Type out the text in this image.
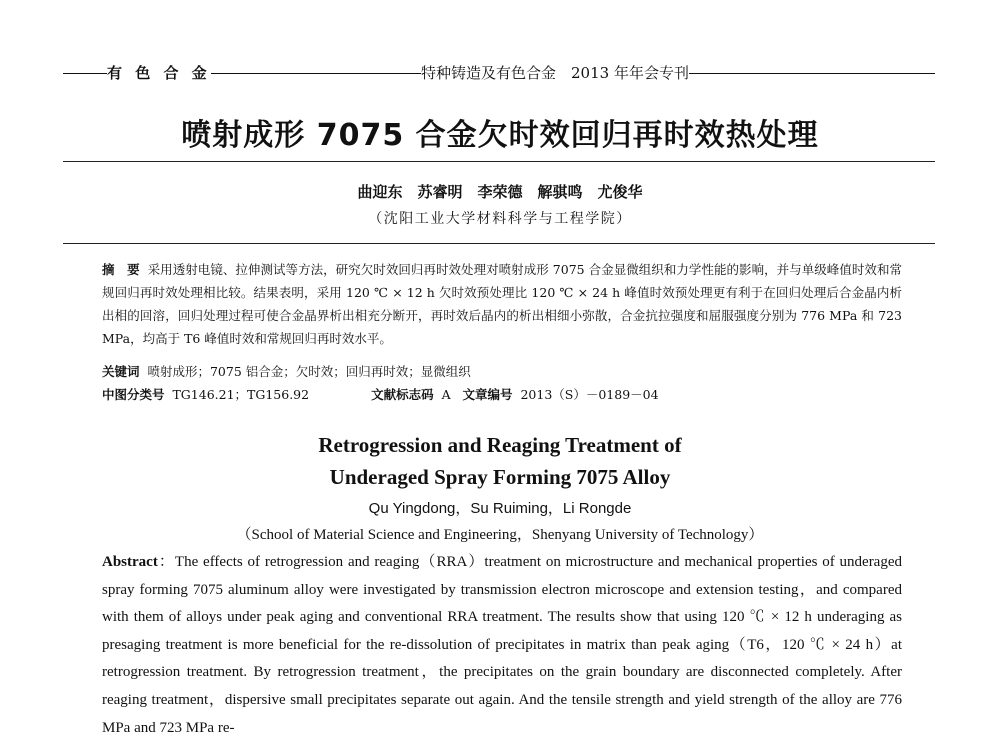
有 色 合 金	特种铸造及有色合金　2013 年年会专刊
喷射成形 7075 合金欠时效回归再时效热处理
曲迎东　苏睿明　李荣德　解骐鸣　尤俊华
（沈阳工业大学材料科学与工程学院）
摘　要 采用透射电镜、拉伸测试等方法，研究欠时效回归再时效处理对喷射成形 7075 合金显微组织和力学性能的影响，并与单级峰值时效和常规回归再时效处理相比较。结果表明，采用 120 ℃ × 12 h 欠时效预处理比 120 ℃ × 24 h 峰值时效预处理更有利于在回归处理后合金晶内析出相的回溶，回归处理过程可使合金晶界析出相充分断开，再时效后晶内的析出相细小弥散，合金抗拉强度和屈服强度分别为 776 MPa 和 723 MPa，均高于 T6 峰值时效和常规回归再时效水平。
关键词 喷射成形；7075 铝合金；欠时效；回归再时效；显微组织
中图分类号 TG146.21；TG156.92	文献标志码 A 文章编号 2013（S）－0189－04
Retrogression and Reaging Treatment of
Underaged Spray Forming 7075 Alloy
Qu Yingdong，Su Ruiming，Li Rongde
（School of Material Science and Engineering，Shenyang University of Technology）
Abstract：The effects of retrogression and reaging（RRA）treatment on microstructure and mechanical properties of underaged spray forming 7075 aluminum alloy were investigated by transmission electron microscope and extension testing，and compared with them of alloys under peak aging and conventional RRA treatment. The results show that using 120 ℃ × 12 h underaging as presaging treatment is more beneficial for the re-dissolution of precipitates in matrix than peak aging（T6，120 ℃ × 24 h）at retrogression treatment. By retrogression treatment，the precipitates on the grain boundary are disconnected completely. After reaging treatment，dispersive small precipitates separate out again. And the tensile strength and yield strength of the alloy are 776 MPa and 723 MPa re-
